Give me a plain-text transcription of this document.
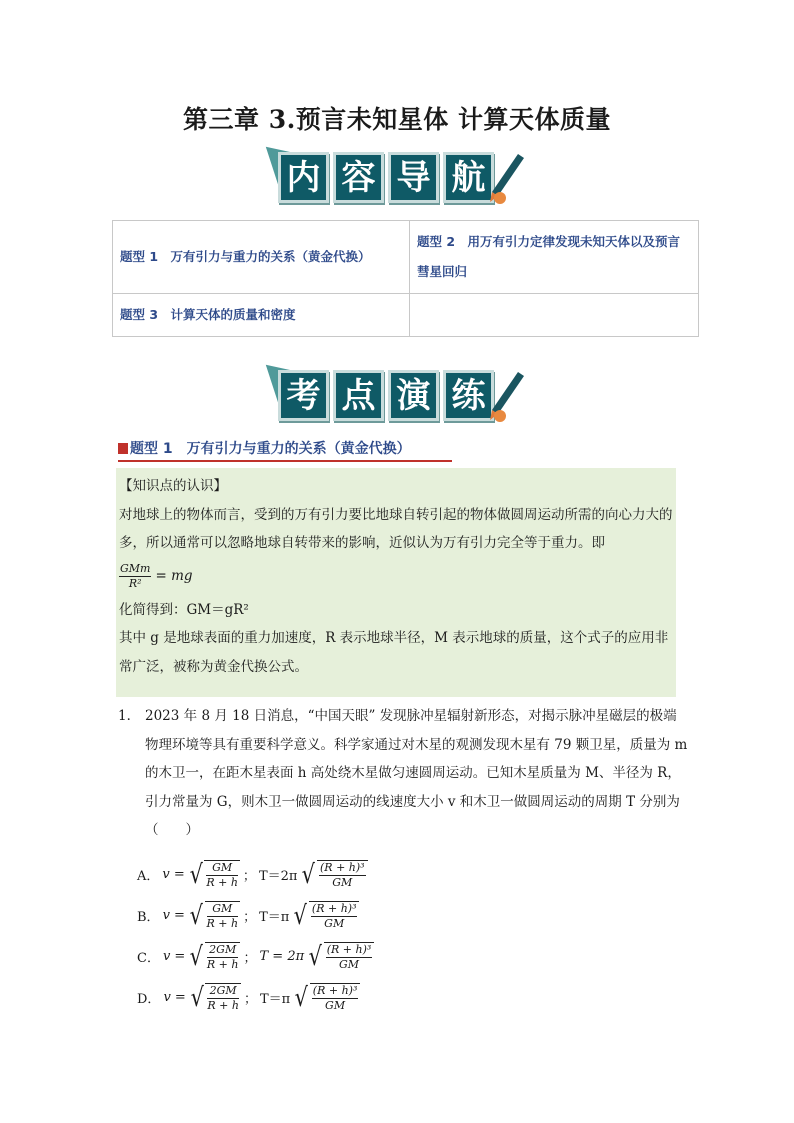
第三章 3.预言未知星体 计算天体质量
内 容 导 航
题型 1　万有引力与重力的关系（黄金代换）	题型 2　用万有引力定律发现未知天体以及预言彗星回归
题型 3　计算天体的质量和密度	
考 点 演 练
题型 1　万有引力与重力的关系（黄金代换）

【知识点的认识】

对地球上的物体而言，受到的万有引力要比地球自转引起的物体做圆周运动所需的向心力大的多，所以通常可以忽略地球自转带来的影响，近似认为万有引力完全等于重力。即

$\frac{\text{GMm}}{\text{R²}}$ = mg

化简得到：GM＝gR²

其中 g 是地球表面的重力加速度，R 表示地球半径，M 表示地球的质量，这个式子的应用非常广泛，被称为黄金代换公式。

1． 2023 年 8 月 18 日消息，“中国天眼” 发现脉冲星辐射新形态，对揭示脉冲星磁层的极端物理环境等具有重要科学意义。科学家通过对木星的观测发现木星有 79 颗卫星，质量为 m 的木卫一，在距木星表面 h 高处绕木星做匀速圆周运动。已知木星质量为 M、半径为 R，引力常量为 G，则木卫一做圆周运动的线速度大小 v 和木卫一做圆周运动的周期 T 分别为（　　）
A． v = √ $\frac{GM}{R + h}$ ； T＝2π √ $\frac{\text{(R + h)³}}{GM}$
B． v = √ $\frac{GM}{R + h}$ ； T＝π √ $\frac{\text{(R + h)³}}{GM}$
C． v = √ $\frac{2GM}{R + h}$ ； T = 2π √ $\frac{\text{(R + h)³}}{GM}$
D． v = √ $\frac{2GM}{R + h}$ ； T＝π √ $\frac{\text{(R + h)³}}{GM}$
